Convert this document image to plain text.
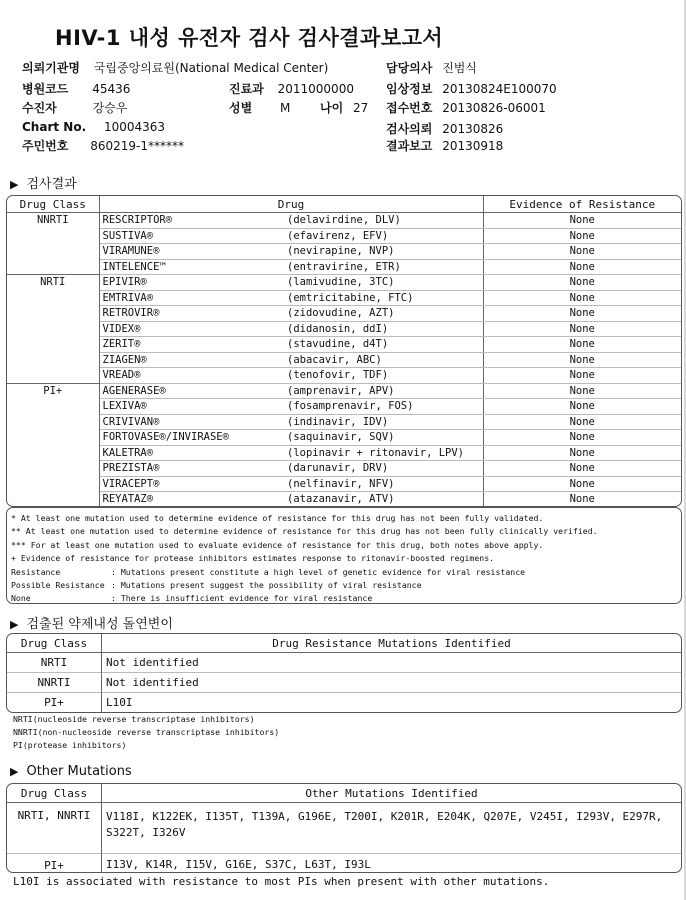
HIV-1 내성 유전자 검사 검사결과보고서
의뢰기관명 국립중앙의료원(National Medical Center)	담당의사 진범식
병원코드 45436	진료과 2011000000	임상정보 20130824E100070
수진자	강승우	성별 M 나이 27 접수번호 20130826-06001
Chart No. 10004363	검사의뢰 20130826
주민번호 860219-1******	결과보고 20130918
▶ 검사결과
Drug Class	Drug		Evidence of Resistance
NNRTI	RESCRIPTOR®	(delavirdine, DLV)	None
	SUSTIVA®	(efavirenz, EFV)	None
	VIRAMUNE®	(nevirapine, NVP)	None
	INTELENCE™	(entravirine, ETR)	None
NRTI	EPIVIR®	(lamivudine, 3TC)	None
	EMTRIVA®	(emtricitabine, FTC)	None
	RETROVIR®	(zidovudine, AZT)	None
	VIDEX®	(didanosin, ddI)	None
	ZERIT®	(stavudine, d4T)	None
	ZIAGEN®	(abacavir, ABC)	None
	VREAD®	(tenofovir, TDF)	None
PI+	AGENERASE®	(amprenavir, APV)	None
	LEXIVA®	(fosamprenavir, FOS)	None
	CRIVIVAN®	(indinavir, IDV)	None
	FORTOVASE®/INVIRASE®	(saquinavir, SQV)	None
	KALETRA®	(lopinavir + ritonavir, LPV)	None
	PREZISTA®	(darunavir, DRV)	None
	VIRACEPT®	(nelfinavir, NFV)	None
	REYATAZ®	(atazanavir, ATV)	None

* At least one mutation used to determine evidence of resistance for this drug has not been fully validated.
** At least one mutation used to determine evidence of resistance for this drug has not been fully clinically verified.
*** For at least one mutation used to evaluate evidence of resistance for this drug, both notes above apply.
+ Evidence of resistance for protease inhibitors estimates response to ritonavir-boosted regimens.
Resistance	: Mutations present constitute a high level of genetic evidence for viral resistance
Possible Resistance : Mutations present suggest the possibility of viral resistance
None	: There is insufficient evidence for viral resistance
▶ 검출된 약제내성 돌연변이
Drug Class	Drug Resistance Mutations Identified
NRTI	Not identified
NNRTI	Not identified
PI+	L10I
NRTI(nucleoside reverse transcriptase inhibitors)
NNRTI(non-nucleoside reverse transcriptase inhibitors)
PI(protease inhibitors)
▶ Other Mutations
Drug Class	Other Mutations Identified
NRTI, NNRTI	V118I, K122EK, I135T, T139A, G196E, T200I, K201R, E204K, Q207E, V245I, I293V, E297R, S322T, I326V
PI+	I13V, K14R, I15V, G16E, S37C, L63T, I93L
L10I is associated with resistance to most PIs when present with other mutations.
